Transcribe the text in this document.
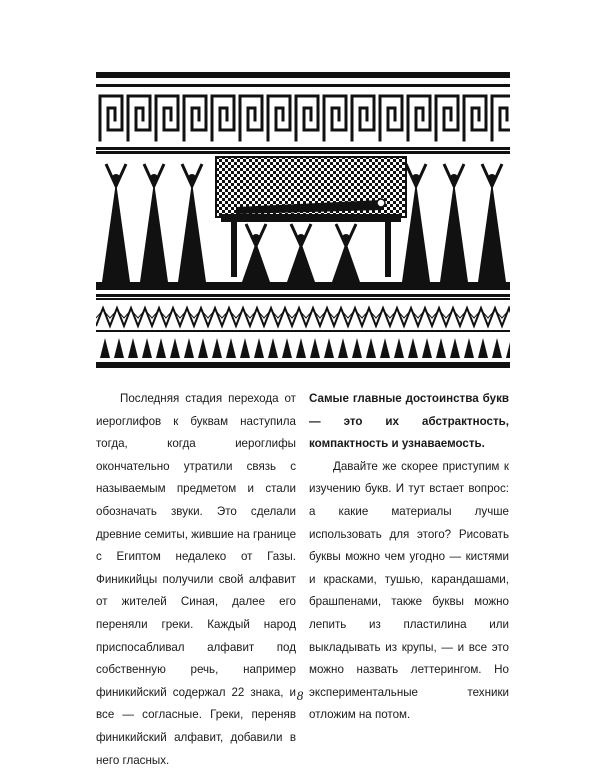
Последняя стадия перехода от иероглифов к буквам наступила тогда, когда иероглифы окончательно утратили связь с называемым предметом и стали обозначать звуки. Это сделали древние семиты, жившие на границе с Египтом недалеко от Газы. Финикийцы получили свой алфавит от жителей Синая, далее его переняли греки. Каждый народ приспосабливал алфавит под собственную речь, например финикийский содержал 22 знака, и все — согласные. Греки, переняв финикийский алфавит, добавили в него гласных.

Самые главные достоинства букв — это их абстрактность, компактность и узнаваемость.

Давайте же скорее приступим к изучению букв. И тут встает вопрос: а какие материалы лучше использовать для этого? Рисовать буквы можно чем угодно — кистями и красками, тушью, карандашами, брашпенами, также буквы можно лепить из пластилина или выкладывать из крупы, — и все это можно назвать леттерингом. Но экспериментальные техники отложим на потом.

8
